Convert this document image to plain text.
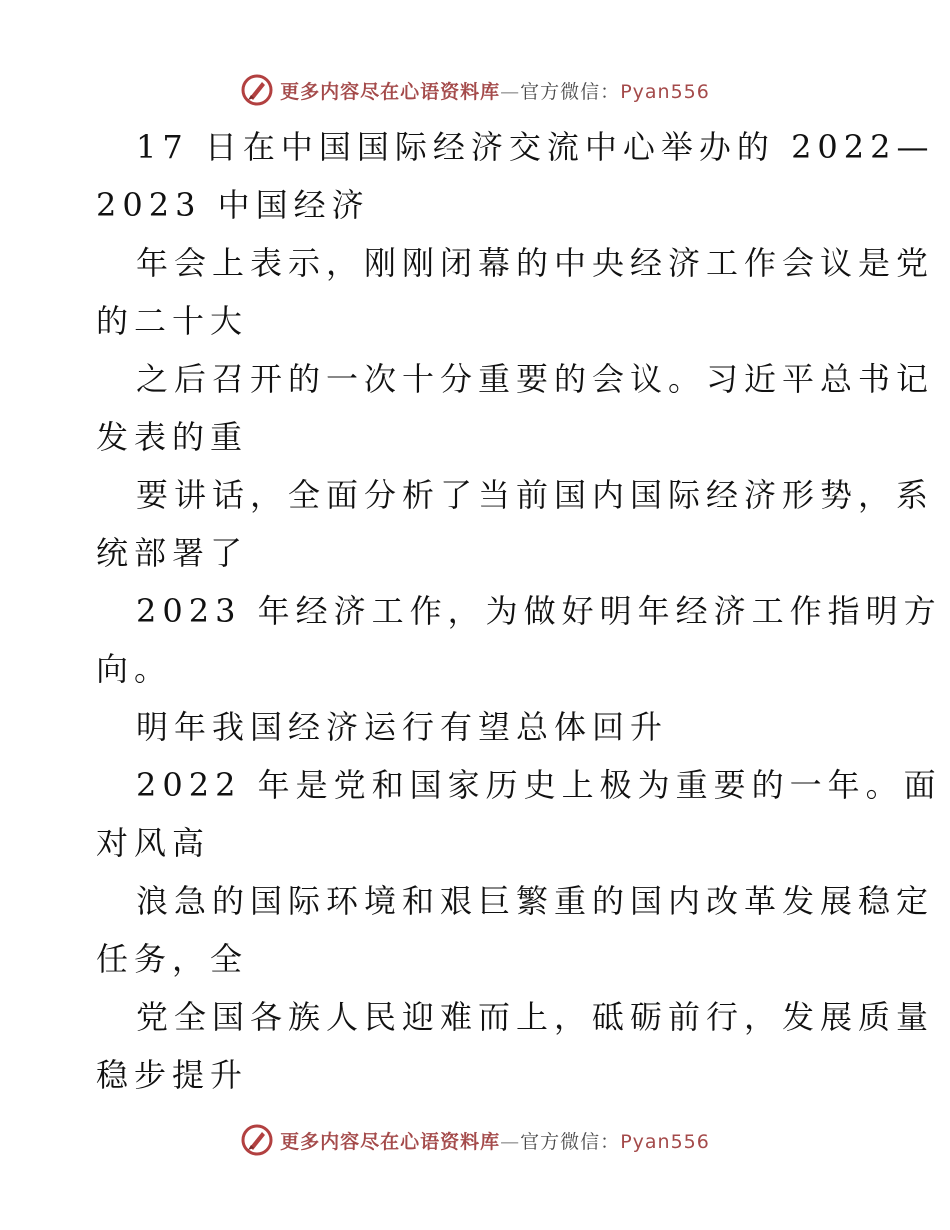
更多内容尽在心语资料库—官方微信：Pyan556
17 日在中国国际经济交流中心举办的 2022—
2023 中国经济
年会上表示，刚刚闭幕的中央经济工作会议是党
的二十大
之后召开的一次十分重要的会议。习近平总书记
发表的重
要讲话，全面分析了当前国内国际经济形势，系
统部署了
2023 年经济工作，为做好明年经济工作指明方
向。
明年我国经济运行有望总体回升
2022 年是党和国家历史上极为重要的一年。面
对风高
浪急的国际环境和艰巨繁重的国内改革发展稳定
任务，全
党全国各族人民迎难而上，砥砺前行，发展质量
稳步提升
更多内容尽在心语资料库—官方微信：Pyan556
